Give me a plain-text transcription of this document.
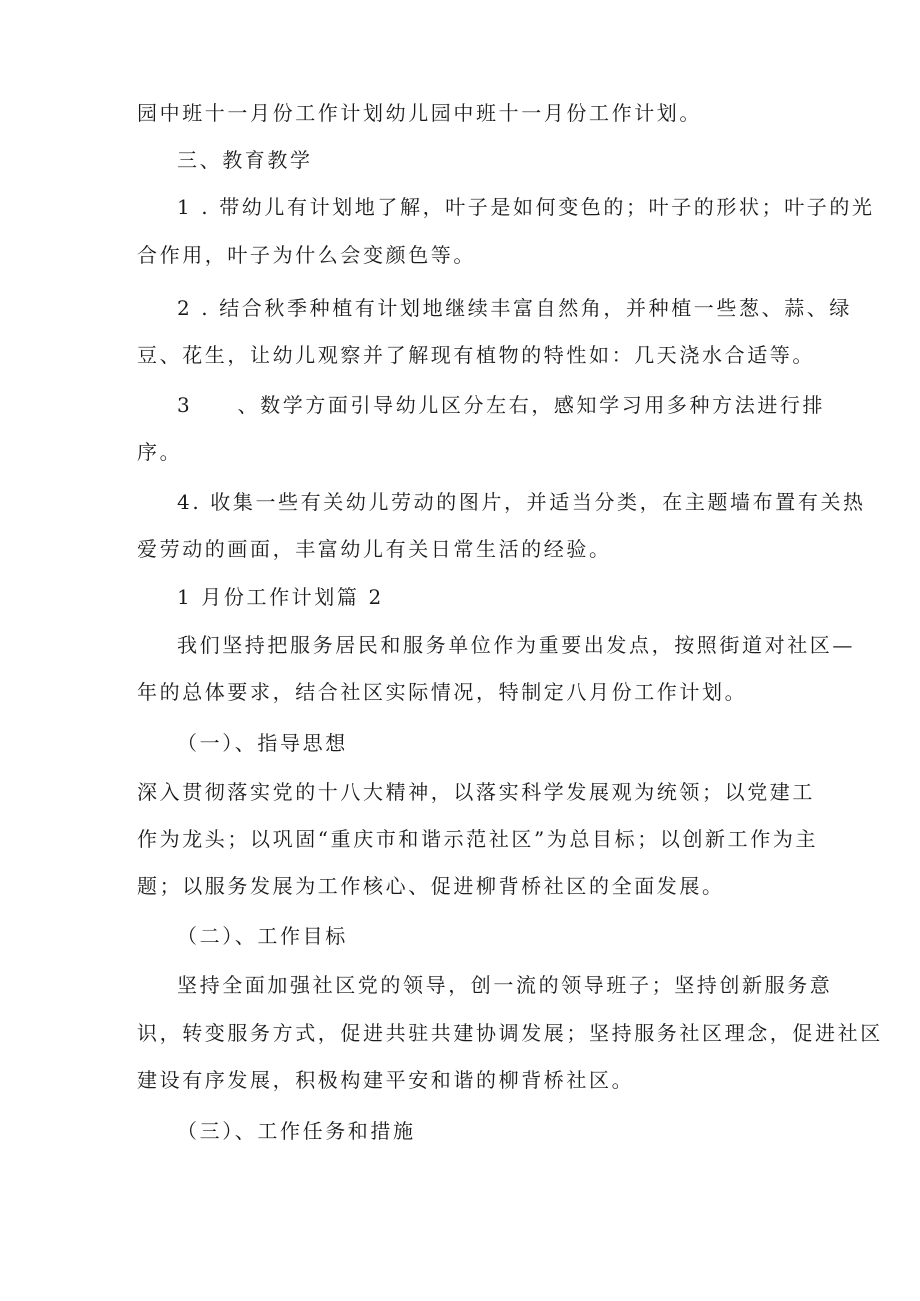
园中班十一月份工作计划幼儿园中班十一月份工作计划。
三、教育教学
1 . 带幼儿有计划地了解，叶子是如何变色的；叶子的形状；叶子的光
合作用，叶子为什么会变颜色等。
2 . 结合秋季种植有计划地继续丰富自然角，并种植一些葱、蒜、绿
豆、花生，让幼儿观察并了解现有植物的特性如：几天浇水合适等。
3　　、数学方面引导幼儿区分左右，感知学习用多种方法进行排
序。
4. 收集一些有关幼儿劳动的图片，并适当分类，在主题墙布置有关热
爱劳动的画面，丰富幼儿有关日常生活的经验。
1 月份工作计划篇 2
我们坚持把服务居民和服务单位作为重要出发点，按照街道对社区—
年的总体要求，结合社区实际情况，特制定八月份工作计划。
（一）、指导思想
深入贯彻落实党的十八大精神，以落实科学发展观为统领；以党建工
作为龙头；以巩固“重庆市和谐示范社区”为总目标；以创新工作为主
题；以服务发展为工作核心、促进柳背桥社区的全面发展。
（二）、工作目标
坚持全面加强社区党的领导，创一流的领导班子；坚持创新服务意
识，转变服务方式，促进共驻共建协调发展；坚持服务社区理念，促进社区
建设有序发展，积极构建平安和谐的柳背桥社区。
（三）、工作任务和措施
